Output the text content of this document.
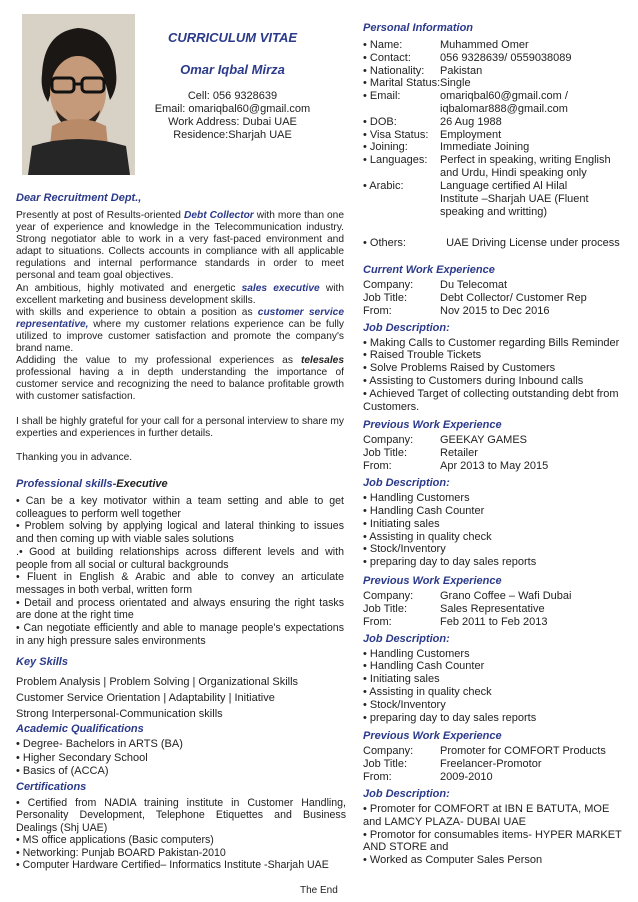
CURRICULUM VITAE
Omar Iqbal Mirza
Cell: 056 9328639
Email: omariqbal60@gmail.com
Work Address: Dubai UAE
Residence:Sharjah UAE
Dear Recruitment Dept.,
Presently at post of Results-oriented Debt Collector with more than one year of experience and knowledge in the Telecommunication industry. Strong negotiator able to work in a very fast-paced environment and adapt to situations. Collects accounts in compliance with all applicable regulations and internal performance standards in order to meet personal and team goal objectives.
An ambitious, highly motivated and energetic sales executive with excellent marketing and business development skills.
with skills and experience to obtain a position as customer service representative, where my customer relations experience can be fully utilized to improve customer satisfaction and promote the company's brand name.
Addiding the value to my professional experiences as telesales professional having a in depth understanding the importance of customer service and recognizing the need to balance profitable growth with customer satisfaction.
I shall be highly grateful for your call for a personal interview to share my experties and experiences in further details.
Thanking you in advance.
Professional skills-Executive
• Can be a key motivator within a team setting and able to get colleagues to perform well together
• Problem solving by applying logical and lateral thinking to issues and then coming up with viable sales solutions
.• Good at building relationships across different levels and with people from all social or cultural backgrounds
• Fluent in English & Arabic and able to convey an articulate messages in both verbal, written form
• Detail and process orientated and always ensuring the right tasks are done at the right time
• Can negotiate efficiently and able to manage people's expectations in any high pressure sales environments
Key Skills
Problem Analysis | Problem Solving | Organizational Skills
Customer Service Orientation | Adaptability | Initiative
Strong Interpersonal-Communication skills
Academic Qualifications
• Degree- Bachelors in ARTS (BA)
• Higher Secondary School
• Basics of (ACCA)
Certifications
• Certified from NADIA training institute in Customer Handling, Personality Development, Telephone Etiquettes and Business Dealings (Shj UAE)
• MS office applications (Basic computers)
• Networking: Punjab BOARD Pakistan-2010
• Computer Hardware Certified– Informatics Institute -Sharjah UAE
Personal Information
• Name:	Muhammed Omer
• Contact:	056 9328639/ 0559038089
• Nationality: Pakistan
• Marital Status: Single
• Email:	omariqbal60@gmail.com /
iqbalomar888@gmail.com
• DOB:	26 Aug 1988
• Visa Status: Employment
• Joining:	Immediate Joining
• Languages: Perfect in speaking, writing English
and Urdu, Hindi speaking only
• Arabic:	Language certified Al Hilal
Institute –Sharjah UAE (Fluent
speaking and writting)
• Others:	UAE Driving License under process
Current Work Experience
Company: Du Telecomat
Job Title:	Debt Collector/ Customer Rep
From:	Nov 2015 to Dec 2016
Job Description:
• Making Calls to Customer regarding Bills Reminder
• Raised Trouble Tickets
• Solve Problems Raised by Customers
• Assisting to Customers during Inbound calls
• Achieved Target of collecting outstanding debt from Customers.
Previous Work Experience
Company: GEEKAY GAMES
Job Title:	Retailer
From:	Apr 2013 to May 2015
Job Description:
• Handling Customers
• Handling Cash Counter
• Initiating sales
• Assisting in quality check
• Stock/Inventory
• preparing day to day sales reports
Previous Work Experience
Company: Grano Coffee – Wafi Dubai
Job Title:	Sales Representative
From:	Feb 2011 to Feb 2013
Job Description:
• Handling Customers
• Handling Cash Counter
• Initiating sales
• Assisting in quality check
• Stock/Inventory
• preparing day to day sales reports
Previous Work Experience
Company: Promoter for COMFORT Products
Job Title:	Freelancer-Promotor
From:	2009-2010
Job Description:
• Promoter for COMFORT at IBN E BATUTA, MOE and LAMCY PLAZA- DUBAI UAE
• Promotor for consumables items- HYPER MARKET AND STORE and
• Worked as Computer Sales Person
The End
